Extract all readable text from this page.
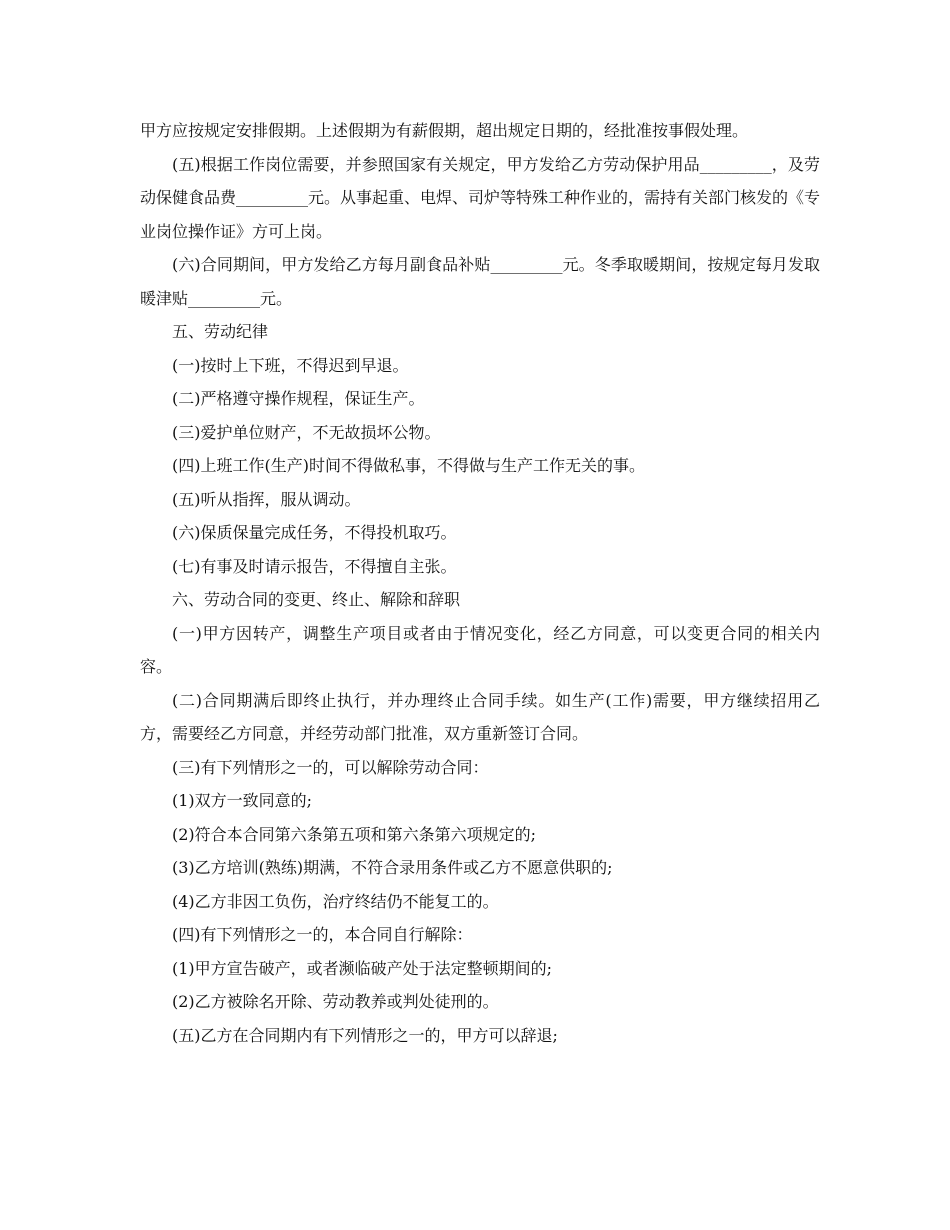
甲方应按规定安排假期。上述假期为有薪假期，超出规定日期的，经批准按事假处理。

(五)根据工作岗位需要，并参照国家有关规定，甲方发给乙方劳动保护用品_________，及劳动保健食品费_________元。从事起重、电焊、司炉等特殊工种作业的，需持有关部门核发的《专业岗位操作证》方可上岗。

(六)合同期间，甲方发给乙方每月副食品补贴_________元。冬季取暖期间，按规定每月发取暖津贴_________元。

五、劳动纪律

(一)按时上下班，不得迟到早退。

(二)严格遵守操作规程，保证生产。

(三)爱护单位财产，不无故损坏公物。

(四)上班工作(生产)时间不得做私事，不得做与生产工作无关的事。

(五)听从指挥，服从调动。

(六)保质保量完成任务，不得投机取巧。

(七)有事及时请示报告，不得擅自主张。

六、劳动合同的变更、终止、解除和辞职

(一)甲方因转产，调整生产项目或者由于情况变化，经乙方同意，可以变更合同的相关内容。

(二)合同期满后即终止执行，并办理终止合同手续。如生产(工作)需要，甲方继续招用乙方，需要经乙方同意，并经劳动部门批准，双方重新签订合同。

(三)有下列情形之一的，可以解除劳动合同：

(1)双方一致同意的;

(2)符合本合同第六条第五项和第六条第六项规定的;

(3)乙方培训(熟练)期满，不符合录用条件或乙方不愿意供职的;

(4)乙方非因工负伤，治疗终结仍不能复工的。

(四)有下列情形之一的，本合同自行解除：

(1)甲方宣告破产，或者濒临破产处于法定整顿期间的;

(2)乙方被除名开除、劳动教养或判处徒刑的。

(五)乙方在合同期内有下列情形之一的，甲方可以辞退;
